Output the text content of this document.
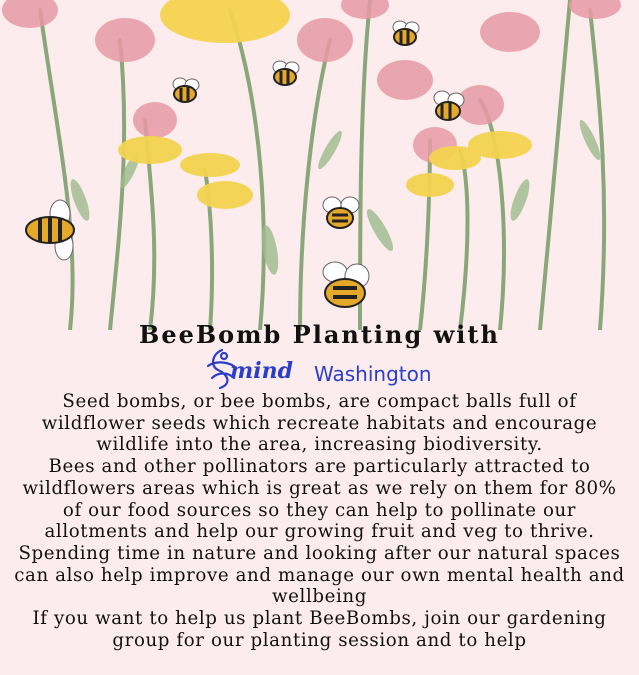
BeeBomb Planting with
mind Washington

Seed bombs, or bee bombs, are compact balls full of wildflower seeds which recreate habitats and encourage wildlife into the area, increasing biodiversity.

Bees and other pollinators are particularly attracted to wildflowers areas which is great as we rely on them for 80% of our food sources so they can help to pollinate our allotments and help our growing fruit and veg to thrive.

Spending time in nature and looking after our natural spaces can also help improve and manage our own mental health and wellbeing

If you want to help us plant BeeBombs, join our gardening group for our planting session and to help
